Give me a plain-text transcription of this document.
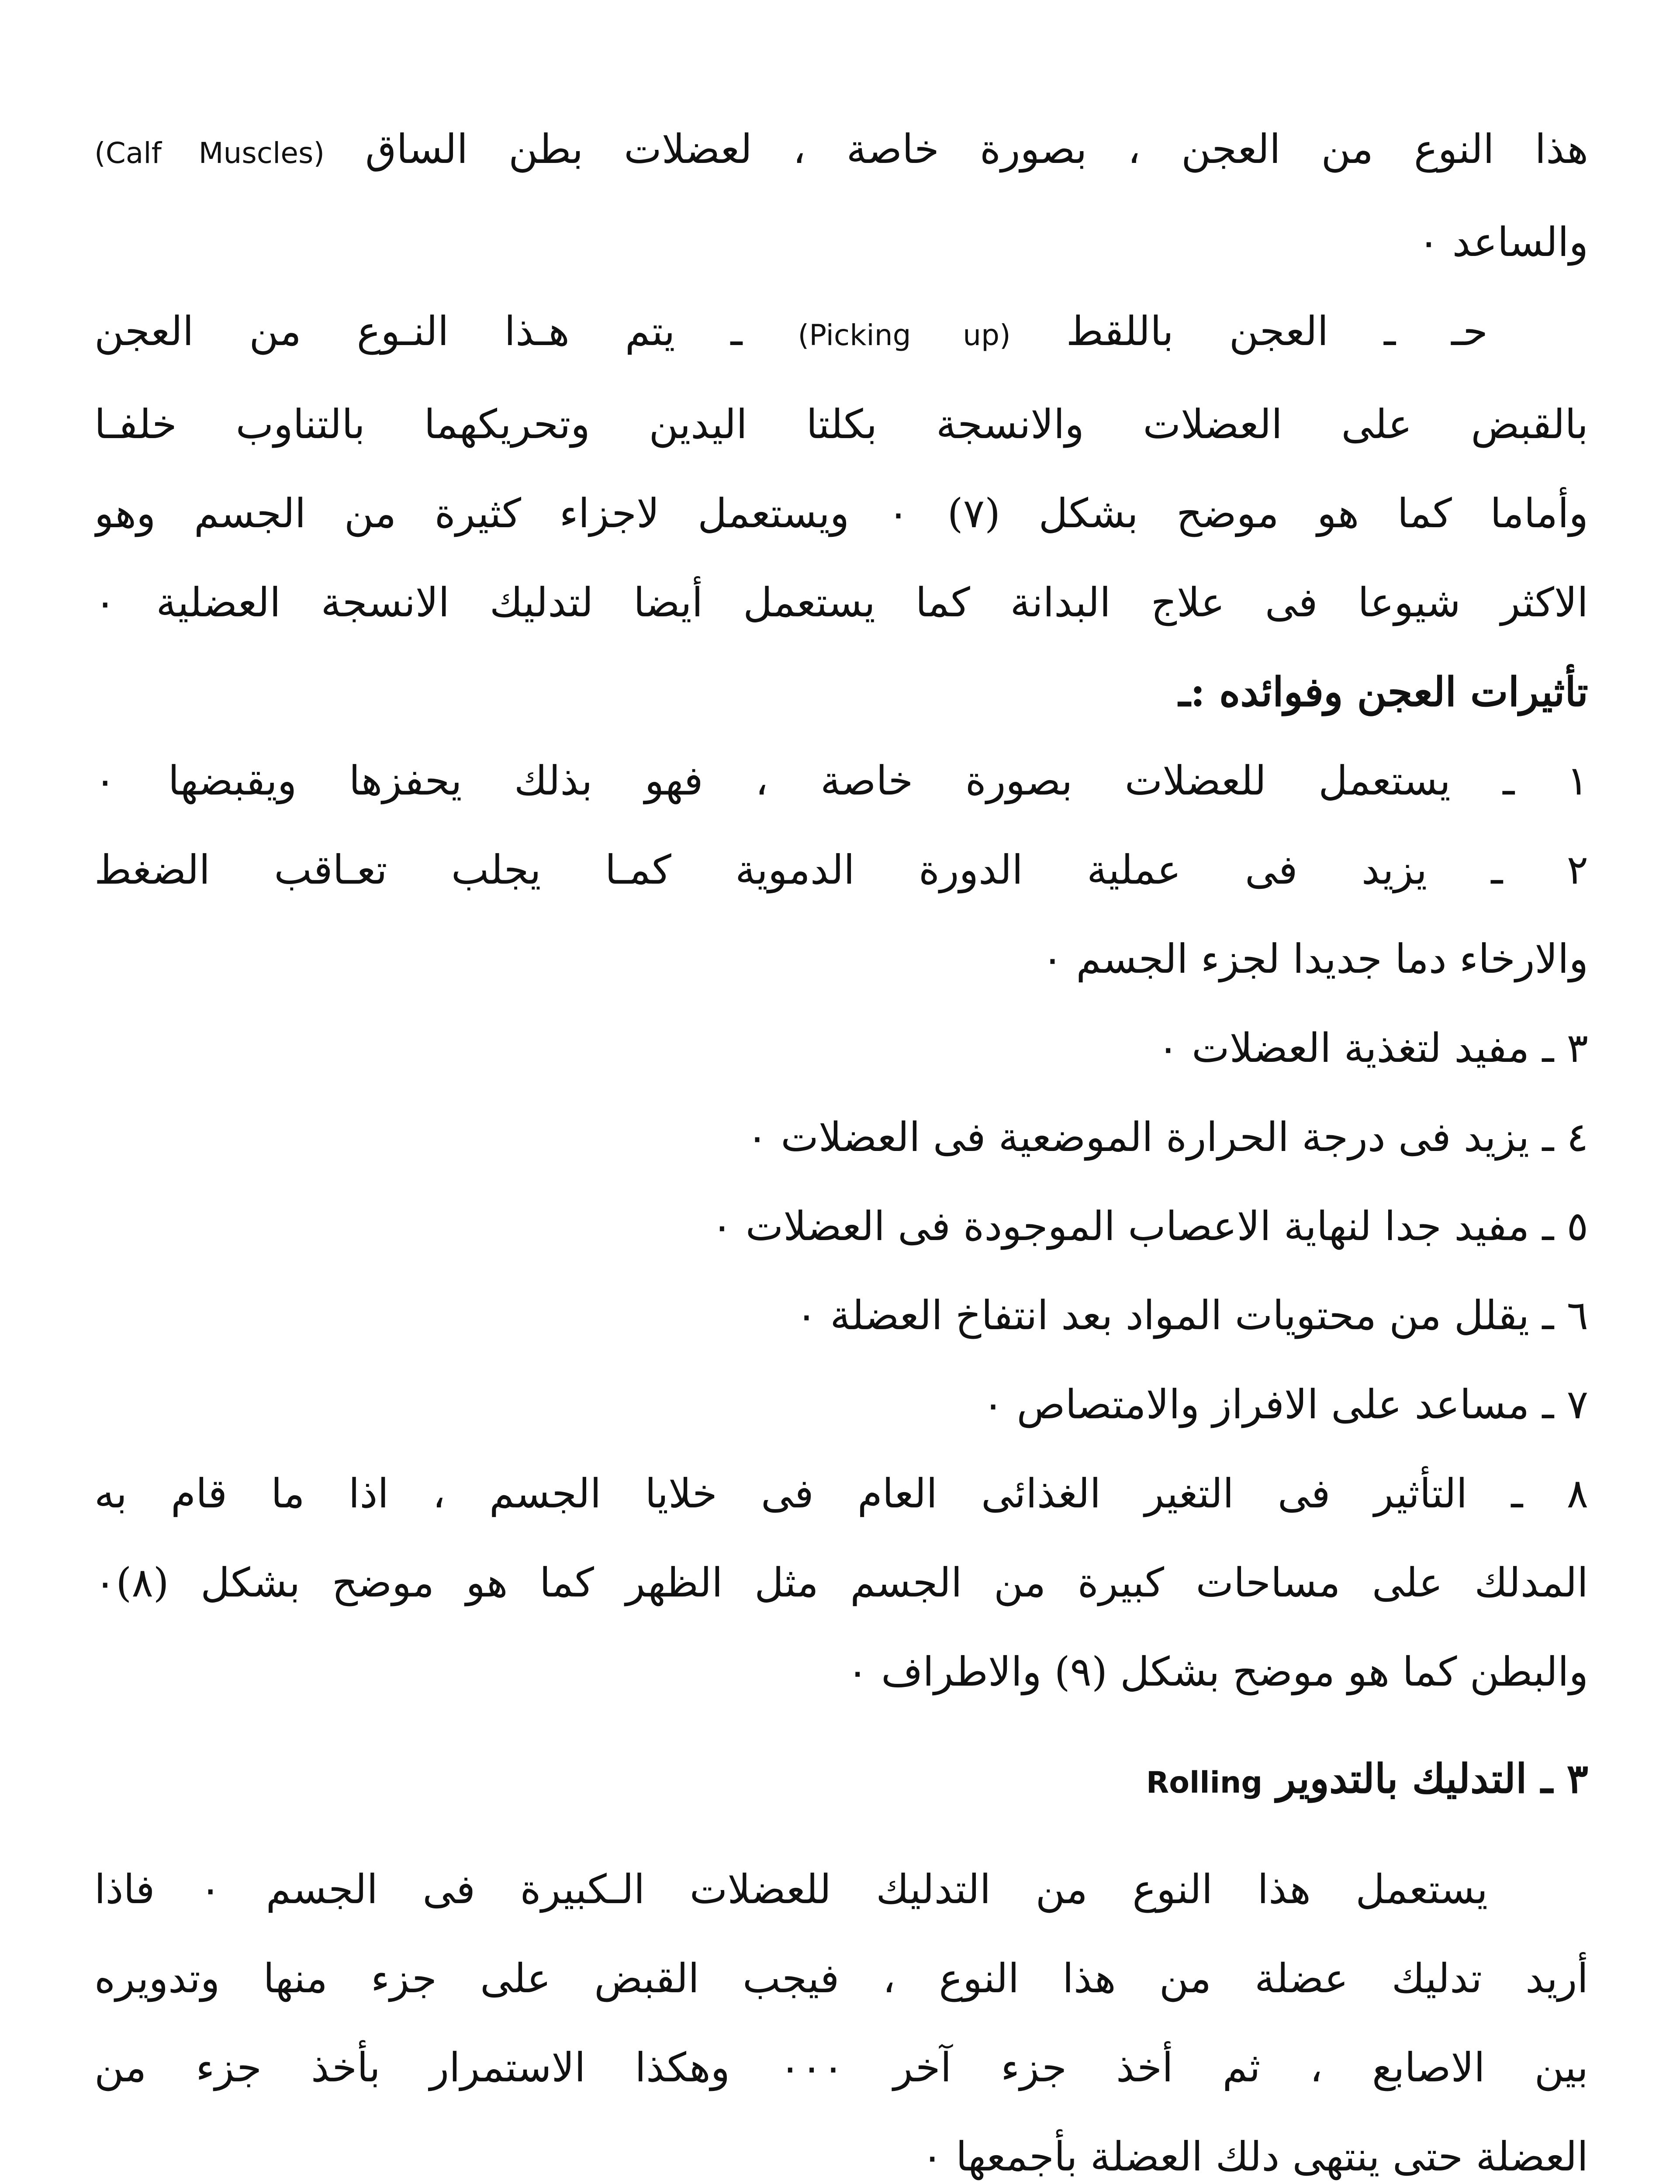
هذا النوع من العجن ، بصورة خاصة ، لعضلات بطن الساق (Calf Muscles)
والساعد ٠
حـ ـ العجن باللقط (Picking up) ـ يتم هـذا النـوع من العجن
بالقبض على العضلات والانسجة بكلتا اليدين وتحريكهما بالتناوب خلفـا
وأماما كما هو موضح بشكل (٧) ٠ ويستعمل لاجزاء كثيرة من الجسم وهو
الاكثر شيوعا فى علاج البدانة كما يستعمل أيضا لتدليك الانسجة العضلية ٠
تأثيرات العجن وفوائده :ـ
١ ـ يستعمل للعضلات بصورة خاصة ، فهو بذلك يحفزها ويقبضها ٠
٢ ـ يزيد فى عملية الدورة الدموية كمـا يجلب تعـاقب الضغط
والارخاء دما جديدا لجزء الجسم ٠
٣ ـ مفيد لتغذية العضلات ٠
٤ ـ يزيد فى درجة الحرارة الموضعية فى العضلات ٠
٥ ـ مفيد جدا لنهاية الاعصاب الموجودة فى العضلات ٠
٦ ـ يقلل من محتويات المواد بعد انتفاخ العضلة ٠
٧ ـ مساعد على الافراز والامتصاص ٠
٨ ـ التأثير فى التغير الغذائى العام فى خلايا الجسم ، اذا ما قام به
المدلك على مساحات كبيرة من الجسم مثل الظهر كما هو موضح بشكل (٨)٠
والبطن كما هو موضح بشكل (٩) والاطراف ٠
٣ ـ التدليك بالتدوير Rolling
يستعمل هذا النوع من التدليك للعضلات الـكبيرة فى الجسم ٠ فاذا
أريد تدليك عضلة من هذا النوع ، فيجب القبض على جزء منها وتدويره
بين الاصابع ، ثم أخذ جزء آخر ٠٠٠ وهكذا الاستمرار بأخذ جزء من
العضلة حتى ينتهى دلك العضلة بأجمعها ٠
